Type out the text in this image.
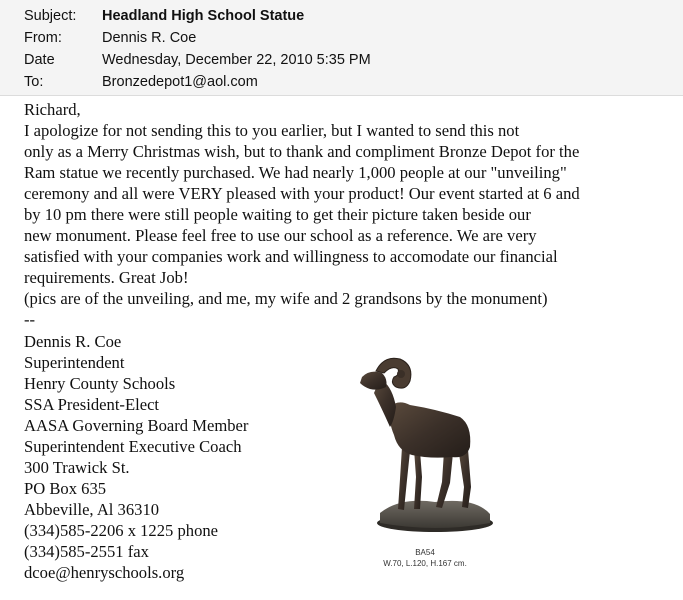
Subject:	Headland High School Statue
From:	Dennis R. Coe
Date	Wednesday, December 22, 2010 5:35 PM
To:	Bronzedepot1@aol.com

Richard,

I apologize for not sending this to you earlier, but I wanted to send this not

only as a Merry Christmas wish, but to thank and compliment Bronze Depot for the

Ram statue we recently purchased. We had nearly 1,000 people at our "unveiling"

ceremony and all were VERY pleased with your product! Our event started at 6 and

by 10 pm there were still people waiting to get their picture taken beside our

new monument. Please feel free to use our school as a reference. We are very

satisfied with your companies work and willingness to accomodate our financial

requirements. Great Job!

(pics are of the unveiling, and me, my wife and 2 grandsons by the monument)

--

Dennis R. Coe

Superintendent

Henry County Schools

SSA President-Elect

AASA Governing Board Member

Superintendent Executive Coach

300 Trawick St.

PO Box 635

Abbeville, Al 36310

(334)585-2206 x 1225 phone

(334)585-2551 fax

dcoe@henryschools.org

BA54
W.70, L.120, H.167 cm.
